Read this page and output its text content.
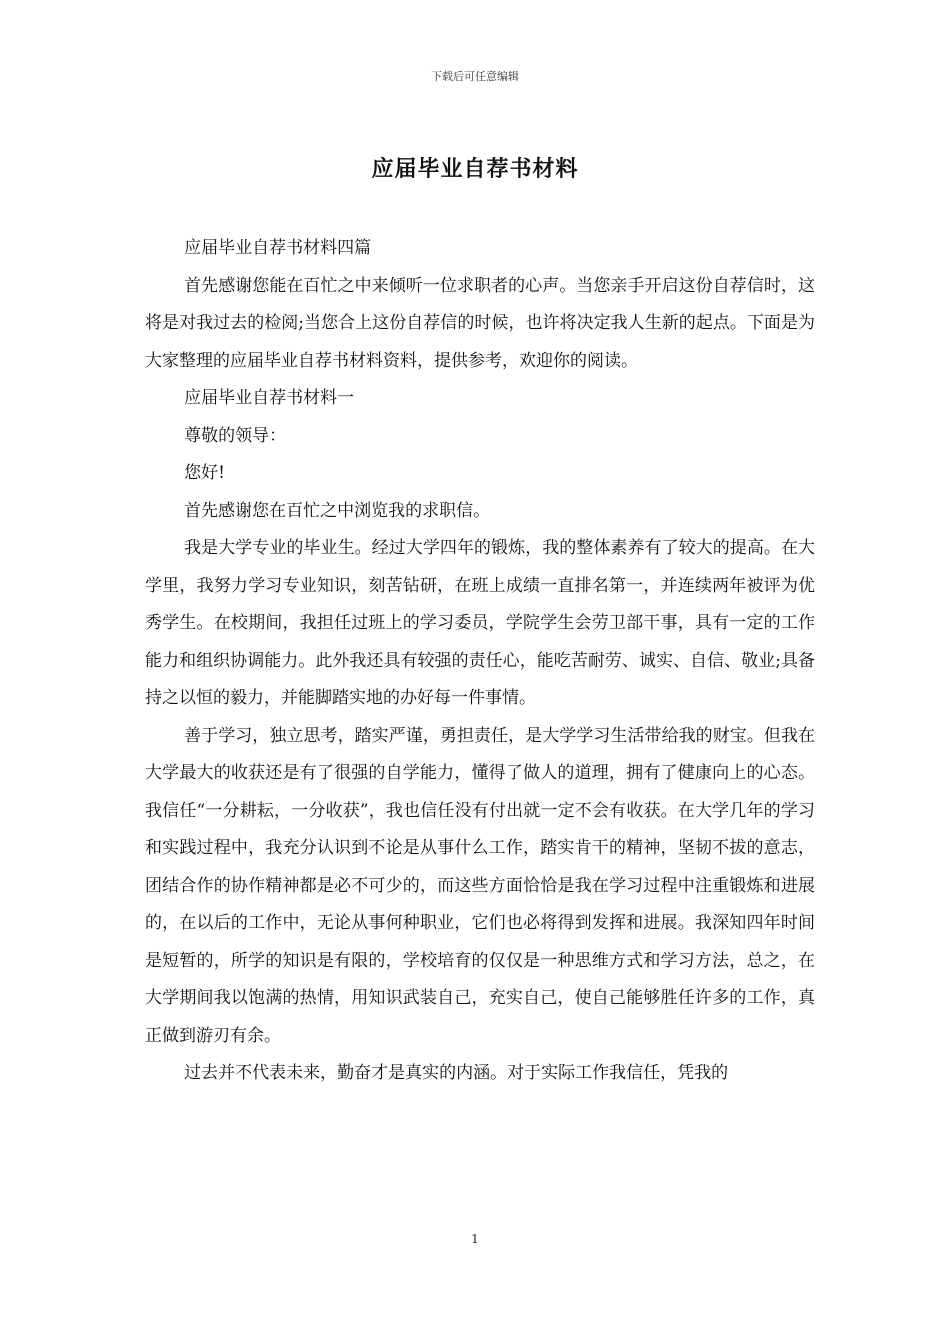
下载后可任意编辑
应届毕业自荐书材料

应届毕业自荐书材料四篇

首先感谢您能在百忙之中来倾听一位求职者的心声。当您亲手开启这份自荐信时，这将是对我过去的检阅;当您合上这份自荐信的时候，也许将决定我人生新的起点。下面是为大家整理的应届毕业自荐书材料资料，提供参考，欢迎你的阅读。

应届毕业自荐书材料一

尊敬的领导：

您好!

首先感谢您在百忙之中浏览我的求职信。

我是大学专业的毕业生。经过大学四年的锻炼，我的整体素养有了较大的提高。在大学里，我努力学习专业知识，刻苦钻研，在班上成绩一直排名第一，并连续两年被评为优秀学生。在校期间，我担任过班上的学习委员，学院学生会劳卫部干事，具有一定的工作能力和组织协调能力。此外我还具有较强的责任心，能吃苦耐劳、诚实、自信、敬业;具备持之以恒的毅力，并能脚踏实地的办好每一件事情。

善于学习，独立思考，踏实严谨，勇担责任，是大学学习生活带给我的财宝。但我在大学最大的收获还是有了很强的自学能力，懂得了做人的道理，拥有了健康向上的心态。我信任“一分耕耘，一分收获”，我也信任没有付出就一定不会有收获。在大学几年的学习和实践过程中，我充分认识到不论是从事什么工作，踏实肯干的精神，坚韧不拔的意志，团结合作的协作精神都是必不可少的，而这些方面恰恰是我在学习过程中注重锻炼和进展的，在以后的工作中，无论从事何种职业，它们也必将得到发挥和进展。我深知四年时间是短暂的，所学的知识是有限的，学校培育的仅仅是一种思维方式和学习方法，总之，在大学期间我以饱满的热情，用知识武装自己，充实自己，使自己能够胜任许多的工作，真正做到游刃有余。

过去并不代表未来，勤奋才是真实的内涵。对于实际工作我信任，凭我的

1
